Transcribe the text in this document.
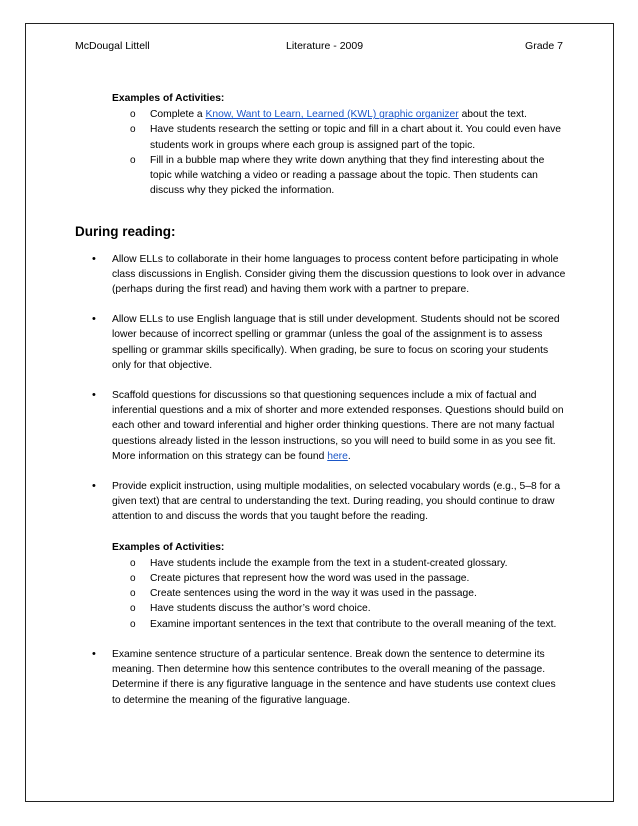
McDougal Littell	Literature - 2009	Grade 7
Examples of Activities:
o Complete a Know, Want to Learn, Learned (KWL) graphic organizer about the text.
o Have students research the setting or topic and fill in a chart about it. You could even have students work in groups where each group is assigned part of the topic.
o Fill in a bubble map where they write down anything that they find interesting about the topic while watching a video or reading a passage about the topic. Then students can discuss why they picked the information.
During reading:
• Allow ELLs to collaborate in their home languages to process content before participating in whole class discussions in English. Consider giving them the discussion questions to look over in advance (perhaps during the first read) and having them work with a partner to prepare.
• Allow ELLs to use English language that is still under development. Students should not be scored lower because of incorrect spelling or grammar (unless the goal of the assignment is to assess spelling or grammar skills specifically). When grading, be sure to focus on scoring your students only for that objective.
• Scaffold questions for discussions so that questioning sequences include a mix of factual and inferential questions and a mix of shorter and more extended responses. Questions should build on each other and toward inferential and higher order thinking questions. There are not many factual questions already listed in the lesson instructions, so you will need to build some in as you see fit. More information on this strategy can be found here.
• Provide explicit instruction, using multiple modalities, on selected vocabulary words (e.g., 5–8 for a given text) that are central to understanding the text. During reading, you should continue to draw attention to and discuss the words that you taught before the reading.
Examples of Activities:
o Have students include the example from the text in a student-created glossary.
o Create pictures that represent how the word was used in the passage.
o Create sentences using the word in the way it was used in the passage.
o Have students discuss the author’s word choice.
o Examine important sentences in the text that contribute to the overall meaning of the text.
• Examine sentence structure of a particular sentence. Break down the sentence to determine its meaning. Then determine how this sentence contributes to the overall meaning of the passage. Determine if there is any figurative language in the sentence and have students use context clues to determine the meaning of the figurative language.
